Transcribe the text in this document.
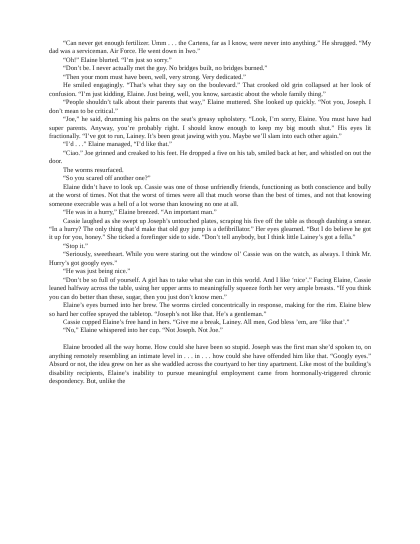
“Can never get enough fertilizer. Umm . . . the Cartens, far as I know, were never into anything.” He shrugged. “My dad was a serviceman. Air Force. He went down in Iwo.”

“Oh!” Elaine blurted. “I’m just so sorry.”

“Don’t be. I never actually met the guy. No bridges built, no bridges burned.”

“Then your mom must have been, well, very strong. Very dedicated.”

He smiled engagingly. “That’s what they say on the boulevard.” That crooked old grin collapsed at her look of confusion. “I’m just kidding, Elaine. Just being, well, you know, sarcastic about the whole family thing.”

“People shouldn’t talk about their parents that way,” Elaine muttered. She looked up quickly. “Not you, Joseph. I don’t mean to be critical.”

“Joe,” he said, drumming his palms on the seat’s greasy upholstery. “Look, I’m sorry, Elaine. You must have had super parents. Anyway, you’re probably right. I should know enough to keep my big mouth shut.” His eyes lit fractionally. “I’ve got to run, Lainey. It’s been great jawing with you. Maybe we’ll slam into each other again.”

“I’d . . .” Elaine managed, “I’d like that.”

“Ciao.” Joe grinned and creaked to his feet. He dropped a five on his tab, smiled back at her, and whistled on out the door.

The worms resurfaced.

“So you scared off another one?”

Elaine didn’t have to look up. Cassie was one of those unfriendly friends, functioning as both conscience and bully at the worst of times. Not that the worst of times were all that much worse than the best of times, and not that knowing someone execrable was a hell of a lot worse than knowing no one at all.

“He was in a hurry,” Elaine breezed. “An important man.”

Cassie laughed as she swept up Joseph’s untouched plates, scraping his five off the table as though daubing a smear. “In a hurry? The only thing that’d make that old guy jump is a defibrillator.” Her eyes gleamed. “But I do believe he got it up for you, honey.” She ticked a forefinger side to side. “Don’t tell anybody, but I think little Lainey’s got a fella.”

“Stop it.”

“Seriously, sweetheart. While you were staring out the window ol’ Cassie was on the watch, as always. I think Mr. Hurry’s got googly eyes.”

“He was just being nice.”

“Don’t be so full of yourself. A girl has to take what she can in this world. And I like ‘nice’.” Facing Elaine, Cassie leaned halfway across the table, using her upper arms to meaningfully squeeze forth her very ample breasts. “If you think you can do better than these, sugar, then you just don’t know men.”

Elaine’s eyes burned into her brew. The worms circled concentrically in response, making for the rim. Elaine blew so hard her coffee sprayed the tabletop. “Joseph’s not like that. He’s a gentleman.”

Cassie cupped Elaine’s free hand in hers. “Give me a break, Lainey. All men, God bless ’em, are ‘like that’.”

“No,” Elaine whispered into her cup. “Not Joseph. Not Joe.”

Elaine brooded all the way home. How could she have been so stupid. Joseph was the first man she’d spoken to, on anything remotely resembling an intimate level in . . . in . . . how could she have offended him like that. “Googly eyes.” Absurd or not, the idea grew on her as she waddled across the courtyard to her tiny apartment. Like most of the building’s disability recipients, Elaine’s inability to pursue meaningful employment came from hormonally-triggered chronic despondency. But, unlike the
